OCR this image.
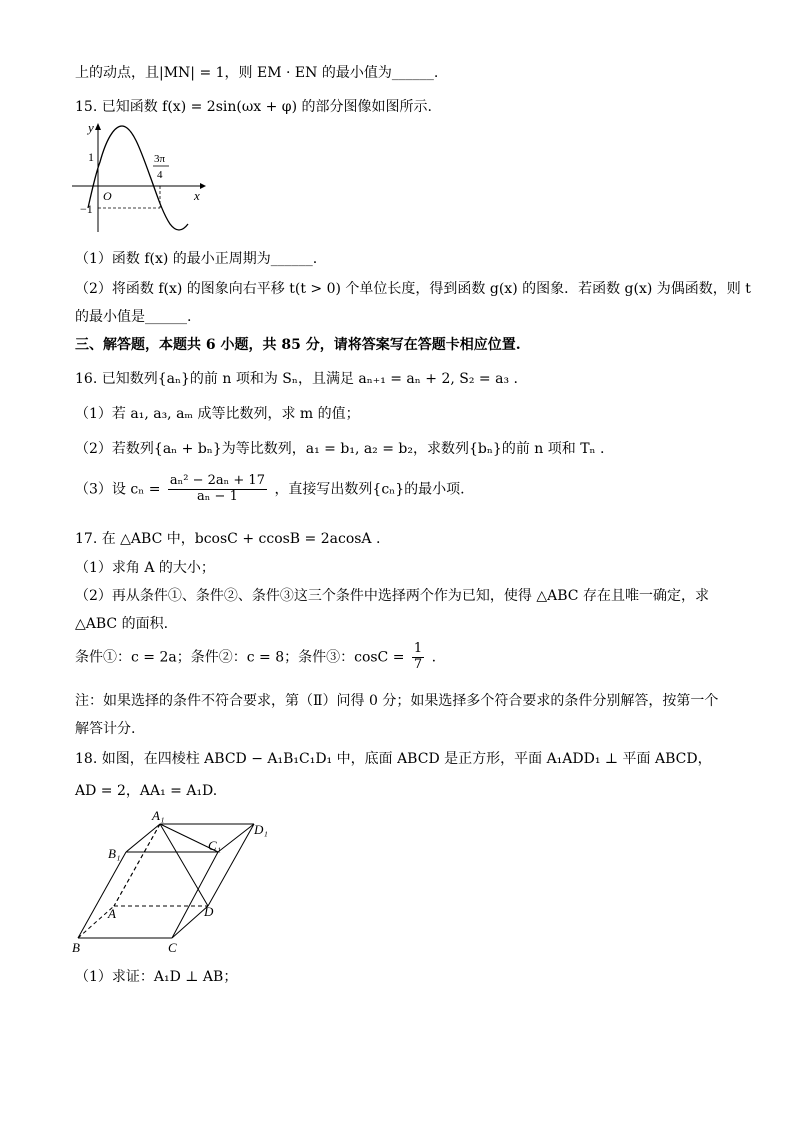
上的动点，且|MN| = 1，则 EM · EN 的最小值为______.
15. 已知函数 f(x) = 2sin(ωx + φ) 的部分图像如图所示.
y
x
O
1
−1
3π
4
（1）函数 f(x) 的最小正周期为______.
（2）将函数 f(x) 的图象向右平移 t(t > 0) 个单位长度，得到函数 g(x) 的图象．若函数 g(x) 为偶函数，则 t
的最小值是______.
三、解答题，本题共 6 小题，共 85 分，请将答案写在答题卡相应位置.
16. 已知数列{aₙ}的前 n 项和为 Sₙ，且满足 aₙ₊₁ = aₙ + 2, S₂ = a₃ .
（1）若 a₁, a₃, aₘ 成等比数列，求 m 的值；
（2）若数列{aₙ + bₙ}为等比数列，a₁ = b₁, a₂ = b₂，求数列{bₙ}的前 n 项和 Tₙ .
（3）设 $c_n = \frac{\text{aₙ² − 2aₙ + 17}}{\text{aₙ − 1}}$ ，直接写出数列{cₙ}的最小项.
17. 在 △ABC 中，bcosC + ccosB = 2acosA .
（1）求角 A 的大小；
（2）再从条件①、条件②、条件③这三个条件中选择两个作为已知，使得 △ABC 存在且唯一确定，求
△ABC 的面积.
条件①：c = 2a；条件②：c = 8；条件③：$\cos C = \frac{1}{7}$ .
注：如果选择的条件不符合要求，第（Ⅱ）问得 0 分；如果选择多个符合要求的条件分别解答，按第一个
解答计分.
18. 如图，在四棱柱 ABCD − A₁B₁C₁D₁ 中，底面 ABCD 是正方形，平面 A₁ADD₁ ⊥ 平面 ABCD，
AD = 2，AA₁ = A₁D.
A₁
D₁
B₁
C₁
A	D
B	C
（1）求证：A₁D ⊥ AB；
